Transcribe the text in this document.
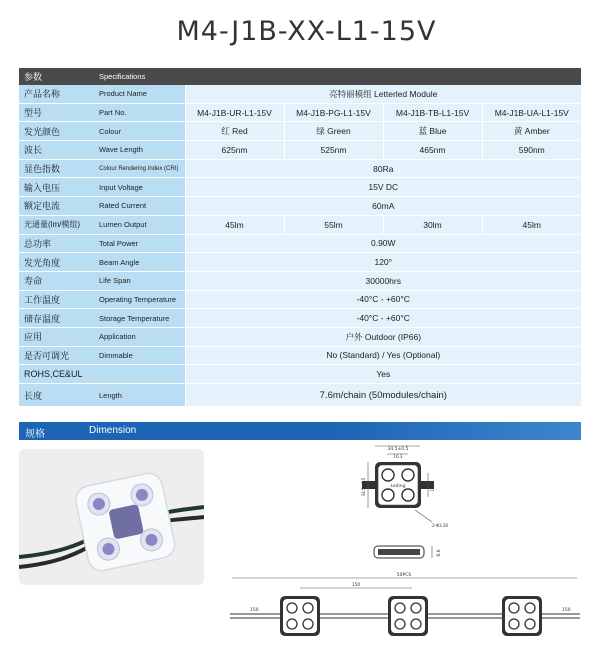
M4-J1B-XX-L1-15V
参数	Specifications				
产品名称	Product Name	亮特丽模组 Letterled Module			
型号	Part No.	M4-J1B-UR-L1-15V	M4-J1B-PG-L1-15V	M4-J1B-TB-L1-15V	M4-J1B-UA-L1-15V
发光颜色	Colour	红 Red	绿 Green	蓝 Blue	黄 Amber
波长	Wave Length	625nm	525nm	465nm	590nm
显色指数	Colour Rendering Index (CRI)	80Ra			
输入电压	Input Voltage	15V DC			
额定电流	Rated Current	60mA			
光通量(lm/模组)	Lumen Output	45lm	55lm	30lm	45lm
总功率	Total Power	0.90W			
发光角度	Beam Angle	120°			
寿命	Life Span	30000hrs			
工作温度	Operating Temperature	-40°C - +60°C			
储存温度	Storage Temperature	-40°C - +60°C			
应用	Application	户外 Outdoor (IP66)			
是否可调光	Dimmable	No (Standard) / Yes (Optional)			
ROHS,CE&UL		Yes			
长度	Length	7.6m/chain (50modules/chain)			
规格	Dimension
34.5±0.5
16.3
Leding
34.5±0.5	16.3
2-Φ3.20
8.6
50PCS
150
150	150
